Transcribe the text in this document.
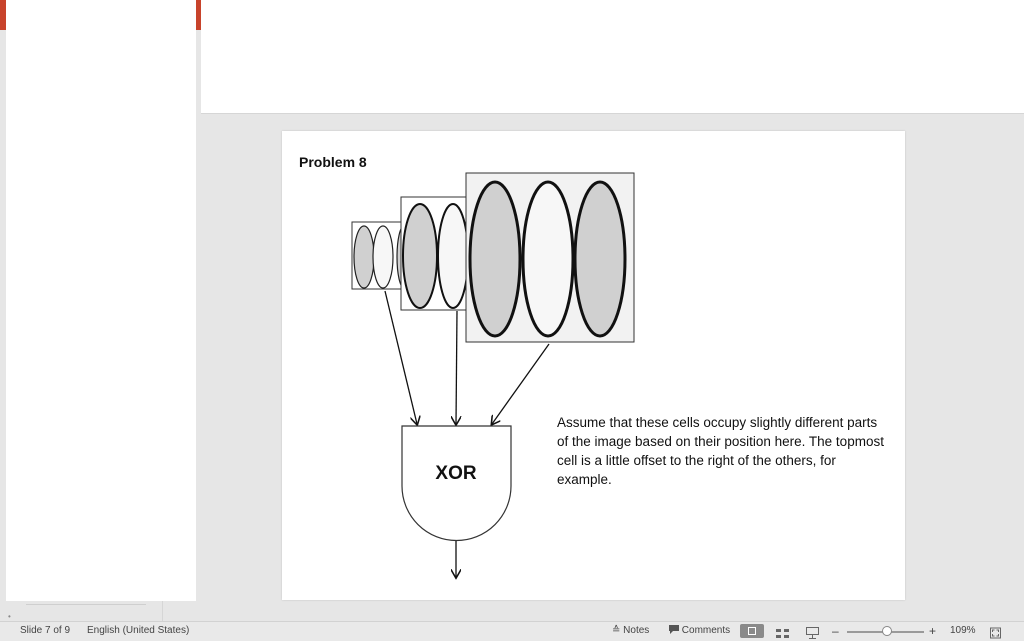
•
Problem 8
XOR
Assume that these cells occupy slightly different parts of the image based on their position here. The topmost cell is a little offset to the right of the others, for example.
Slide 7 of 9 English (United States)	≙ Notes	Comments	–	+ 109%
